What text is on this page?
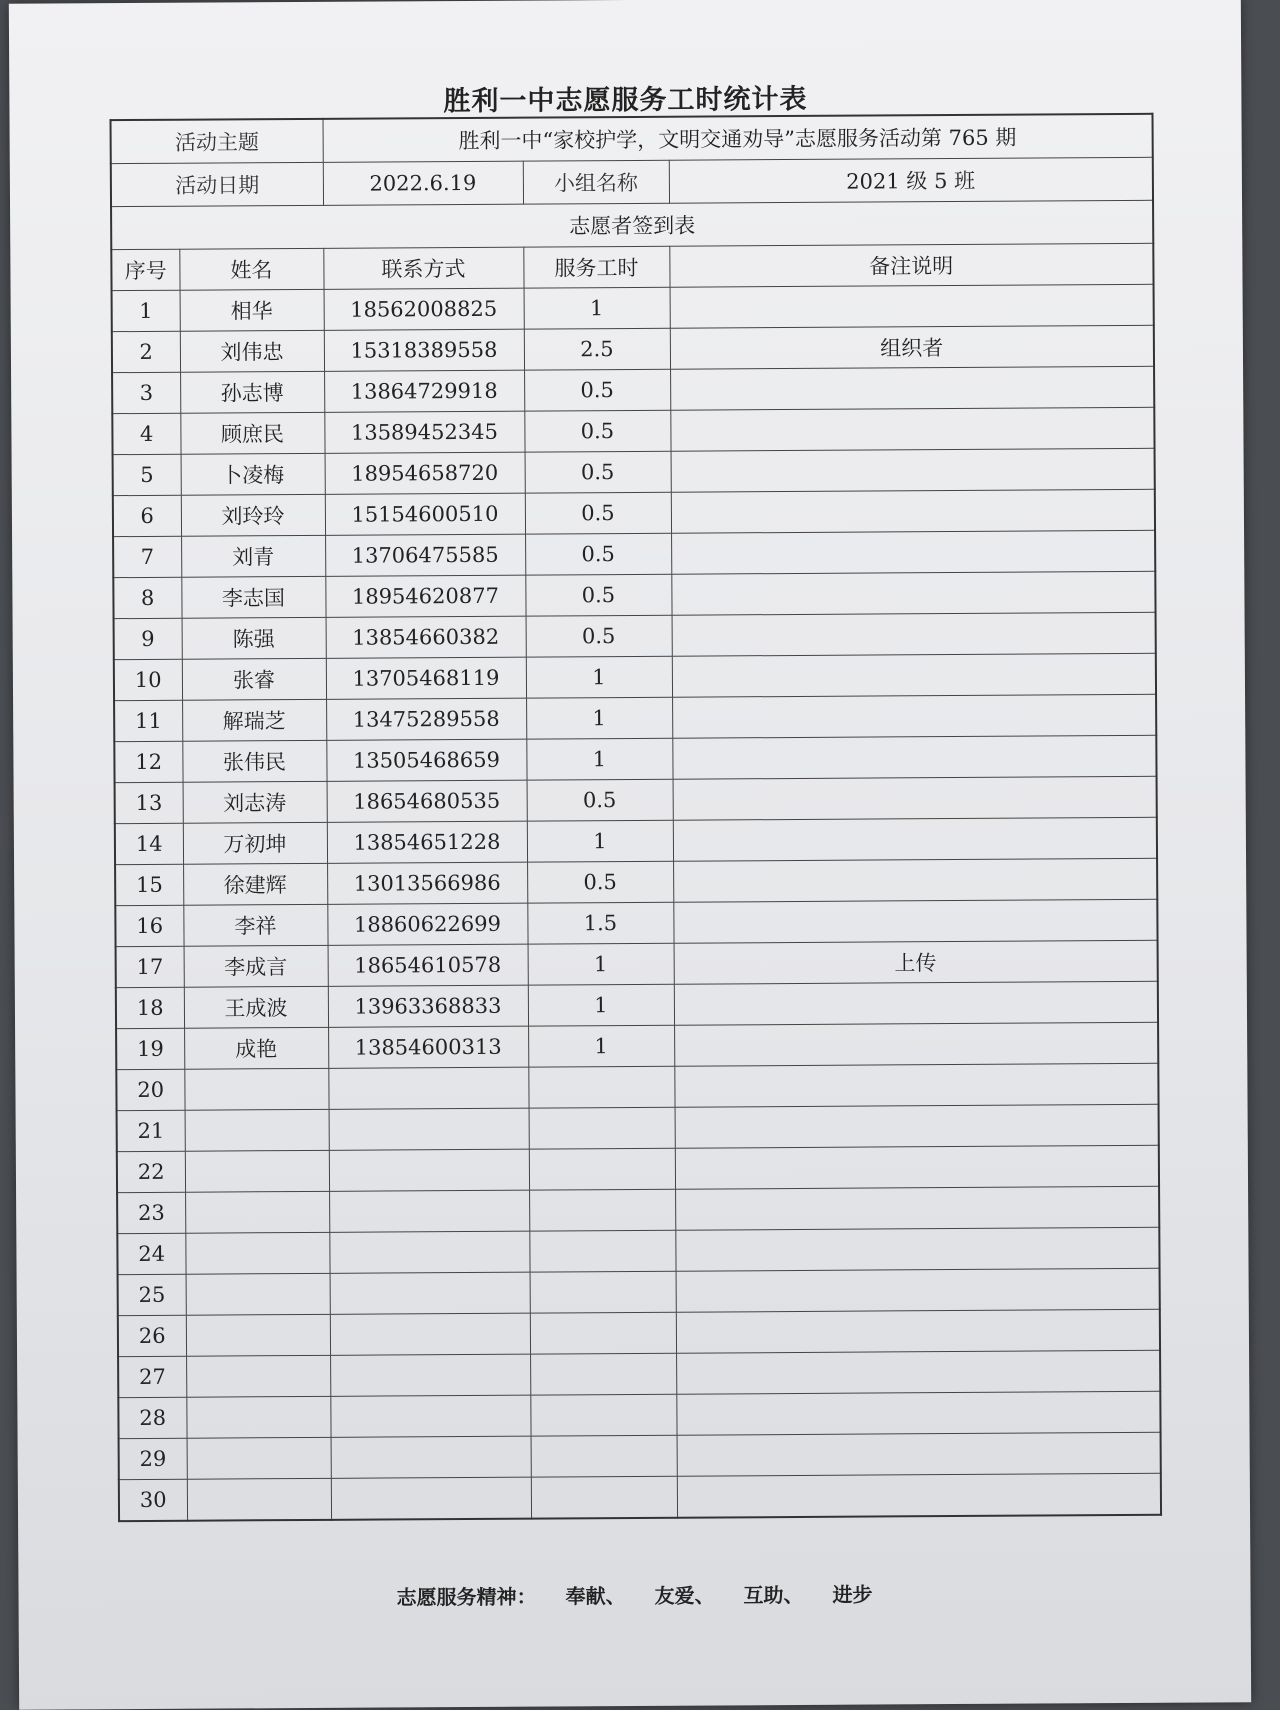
胜利一中志愿服务工时统计表
活动主题		胜利一中“家校护学，文明交通劝导”志愿服务活动第 765 期		
活动日期		2022.6.19	小组名称	2021 级 5 班
志愿者签到表				
序号	姓名	联系方式	服务工时	备注说明
1	相华	18562008825	1	
2	刘伟忠	15318389558	2.5	组织者
3	孙志博	13864729918	0.5	
4	顾庶民	13589452345	0.5	
5	卜凌梅	18954658720	0.5	
6	刘玲玲	15154600510	0.5	
7	刘青	13706475585	0.5	
8	李志国	18954620877	0.5	
9	陈强	13854660382	0.5	
10	张睿	13705468119	1	
11	解瑞芝	13475289558	1	
12	张伟民	13505468659	1	
13	刘志涛	18654680535	0.5	
14	万初坤	13854651228	1	
15	徐建辉	13013566986	0.5	
16	李祥	18860622699	1.5	
17	李成言	18654610578	1	上传
18	王成波	13963368833	1	
19	成艳	13854600313	1	
20				
21				
22				
23				
24				
25				
26				
27				
28				
29				
30				
志愿服务精神： 奉献、 友爱、 互助、 进步
